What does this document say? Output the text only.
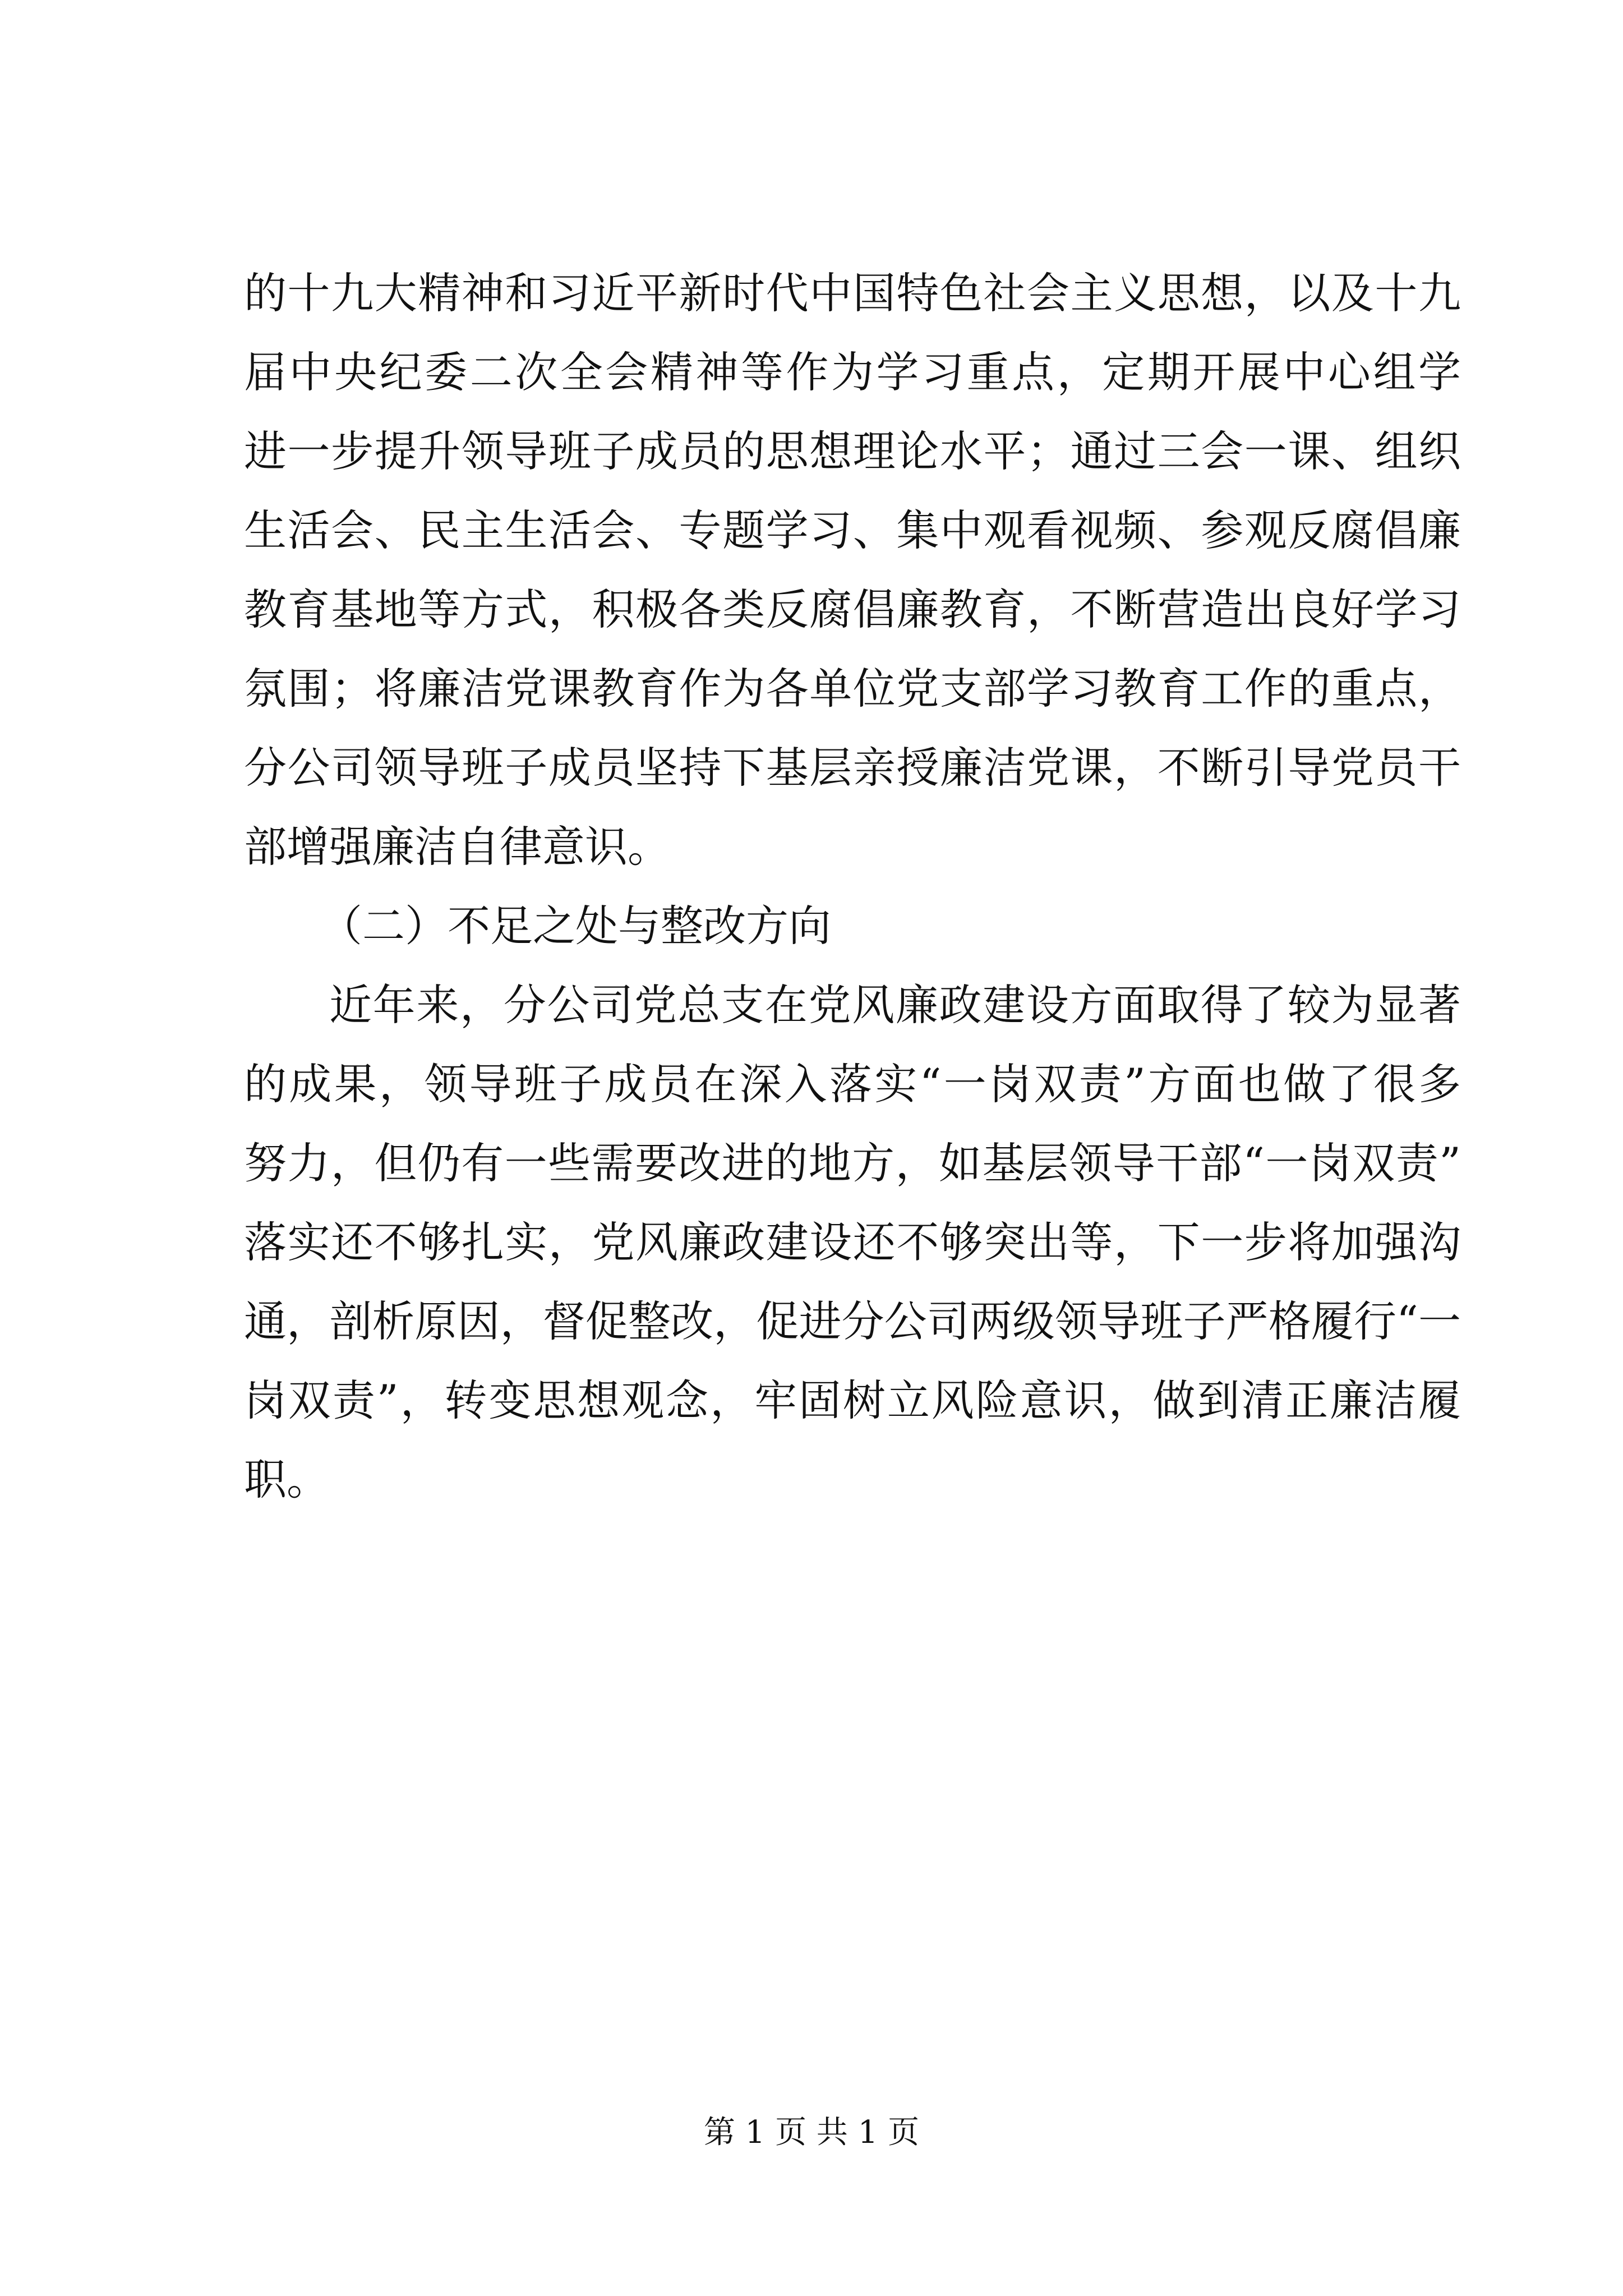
的十九大精神和习近平新时代中国特色社会主义思想，以及十九
届中央纪委二次全会精神等作为学习重点，定期开展中心组学
进一步提升领导班子成员的思想理论水平；通过三会一课、组织
生活会、民主生活会、专题学习、集中观看视频、参观反腐倡廉
教育基地等方式，积极各类反腐倡廉教育，不断营造出良好学习
氛围；将廉洁党课教育作为各单位党支部学习教育工作的重点，
分公司领导班子成员坚持下基层亲授廉洁党课，不断引导党员干
部增强廉洁自律意识。
（二）不足之处与整改方向
近年来，分公司党总支在党风廉政建设方面取得了较为显著
的成果，领导班子成员在深入落实“一岗双责”方面也做了很多
努力，但仍有一些需要改进的地方，如基层领导干部“一岗双责”
落实还不够扎实，党风廉政建设还不够突出等，下一步将加强沟
通，剖析原因，督促整改，促进分公司两级领导班子严格履行“一
岗双责”，转变思想观念，牢固树立风险意识，做到清正廉洁履
职。
第 1 页 共 1 页
